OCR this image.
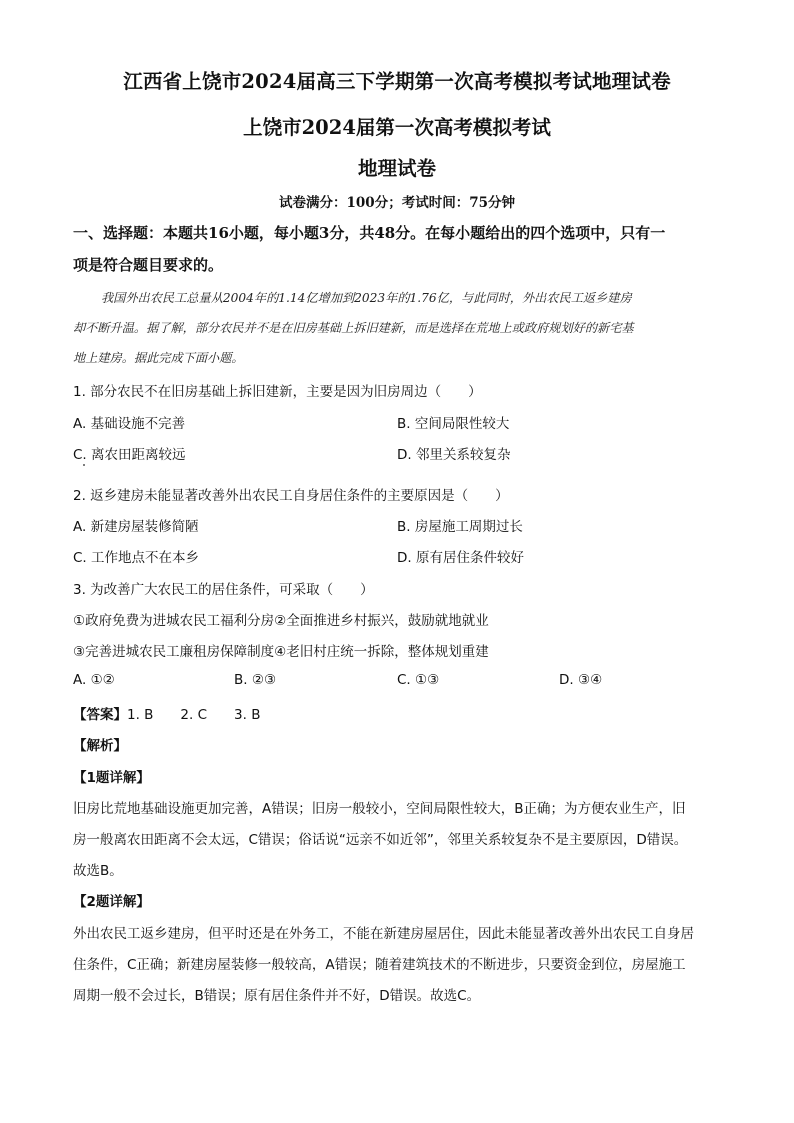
江西省上饶市2024届高三下学期第一次高考模拟考试地理试卷
上饶市2024届第一次高考模拟考试
地理试卷
试卷满分：100分；考试时间：75分钟
一、选择题：本题共16小题，每小题3分，共48分。在每小题给出的四个选项中，只有一
项是符合题目要求的。
我国外出农民工总量从2004年的1.14亿增加到2023年的1.76亿，与此同时，外出农民工返乡建房
却不断升温。据了解，部分农民并不是在旧房基础上拆旧建新，而是选择在荒地上或政府规划好的新宅基
地上建房。据此完成下面小题。
1. 部分农民不在旧房基础上拆旧建新，主要是因为旧房周边（　　）
A. 基础设施不完善	B. 空间局限性较大
C. 离农田距离较远	D. 邻里关系较复杂
2. 返乡建房未能显著改善外出农民工自身居住条件的主要原因是（　　）
A. 新建房屋装修简陋	B. 房屋施工周期过长
C. 工作地点不在本乡	D. 原有居住条件较好
3. 为改善广大农民工的居住条件，可采取（　　）
①政府免费为进城农民工福利分房②全面推进乡村振兴，鼓励就地就业
③完善进城农民工廉租房保障制度④老旧村庄统一拆除，整体规划重建
A. ①②	B. ②③	C. ①③	D. ③④
【答案】1. B　　2. C　　3. B
【解析】
【1题详解】
旧房比荒地基础设施更加完善，A错误；旧房一般较小，空间局限性较大，B正确；为方便农业生产，旧
房一般离农田距离不会太远，C错误；俗话说“远亲不如近邻”，邻里关系较复杂不是主要原因，D错误。
故选B。
【2题详解】
外出农民工返乡建房，但平时还是在外务工，不能在新建房屋居住，因此未能显著改善外出农民工自身居
住条件，C正确；新建房屋装修一般较高，A错误；随着建筑技术的不断进步，只要资金到位，房屋施工
周期一般不会过长，B错误；原有居住条件并不好，D错误。故选C。
